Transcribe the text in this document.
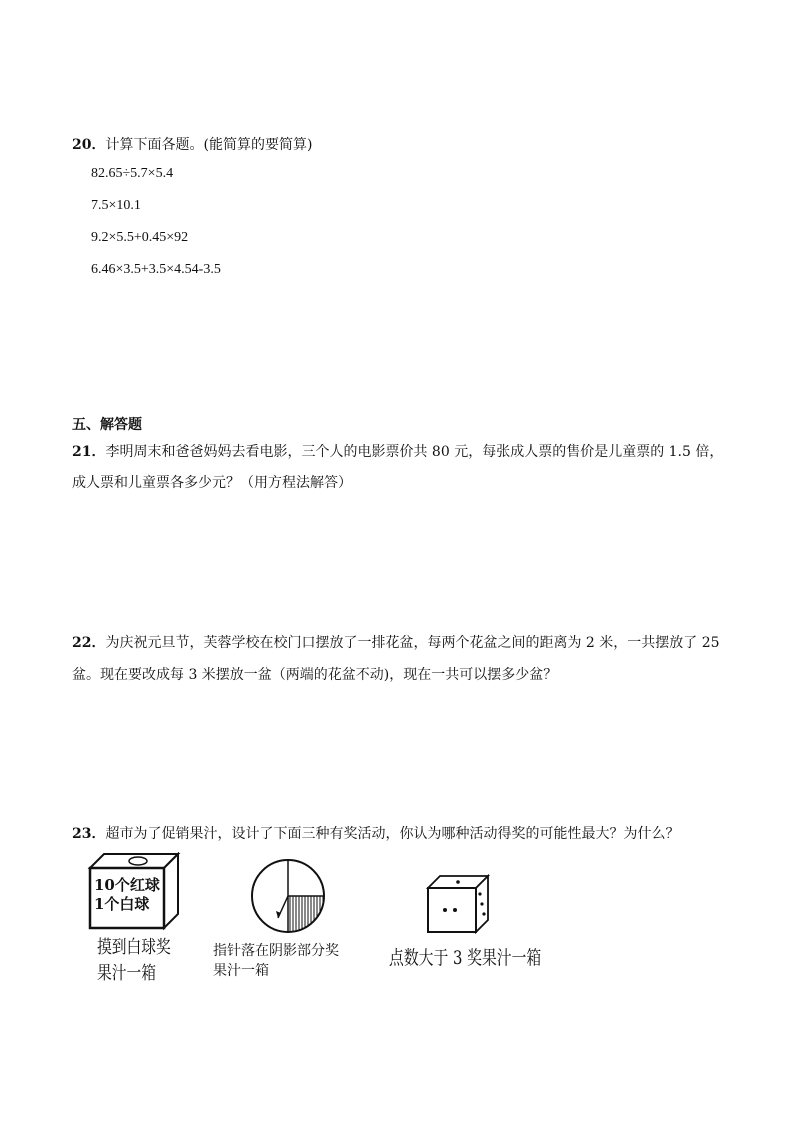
20．计算下面各题。(能简算的要简算)
82.65÷5.7×5.4
7.5×10.1
9.2×5.5+0.45×92
6.46×3.5+3.5×4.54-3.5
五、解答题
21．李明周末和爸爸妈妈去看电影，三个人的电影票价共 80 元，每张成人票的售价是儿童票的 1.5 倍，
成人票和儿童票各多少元？（用方程法解答）
22．为庆祝元旦节，芙蓉学校在校门口摆放了一排花盆，每两个花盆之间的距离为 2 米，一共摆放了 25
盆。现在要改成每 3 米摆放一盆（两端的花盆不动)，现在一共可以摆多少盆？
23．超市为了促销果汁，设计了下面三种有奖活动，你认为哪种活动得奖的可能性最大？为什么？
10个红球
1个白球
摸到白球奖
果汁一箱
指针落在阴影部分奖
果汁一箱
点数大于 3 奖果汁一箱
